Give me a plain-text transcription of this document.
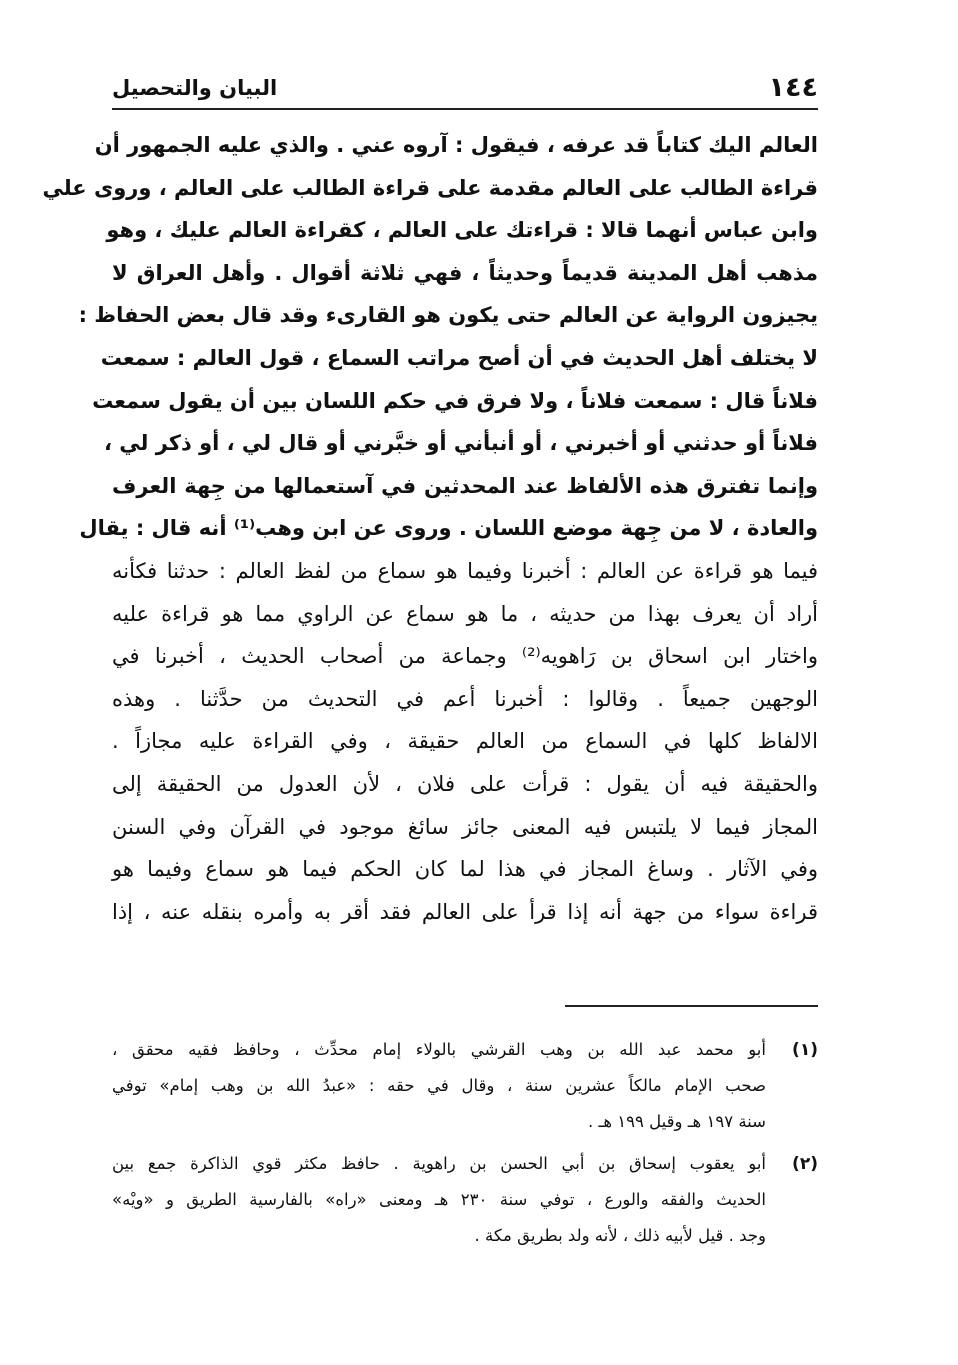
١٤٤
البيان والتحصيل
العالم اليك كتاباً قد عرفه ، فيقول : آروه عني . والذي عليه الجمهور أن
قراءة الطالب على العالم مقدمة على قراءة الطالب على العالم ، وروى علي
وابن عباس أنهما قالا : قراءتك على العالم ، كقراءة العالم عليك ، وهو
مذهب أهل المدينة قديماً وحديثاً ، فهي ثلاثة أقوال . وأهل العراق لا
يجيزون الرواية عن العالم حتى يكون هو القارىء وقد قال بعض الحفاظ :
لا يختلف أهل الحديث في أن أصح مراتب السماع ، قول العالم : سمعت
فلاناً قال : سمعت فلاناً ، ولا فرق في حكم اللسان بين أن يقول سمعت
فلاناً أو حدثني أو أخبرني ، أو أنبأني أو خبَّرني أو قال لي ، أو ذكر لي ،
وإنما تفترق هذه الألفاظ عند المحدثين في آستعمالها من جِهة العرف
والعادة ، لا من جِهة موضع اللسان . وروى عن ابن وهب⁽¹⁾ أنه قال : يقال
فيما هو قراءة عن العالم : أخبرنا وفيما هو سماع من لفظ العالم : حدثنا فكأنه
أراد أن يعرف بهذا من حديثه ، ما هو سماع عن الراوي مما هو قراءة عليه
واختار ابن اسحاق بن رَاهويه⁽²⁾ وجماعة من أصحاب الحديث ، أخبرنا في
الوجهين جميعاً . وقالوا : أخبرنا أعم في التحديث من حدَّثنا . وهذه
الالفاظ كلها في السماع من العالم حقيقة ، وفي القراءة عليه مجازاً .
والحقيقة فيه أن يقول : قرأت على فلان ، لأن العدول من الحقيقة إلى
المجاز فيما لا يلتبس فيه المعنى جائز سائغ موجود في القرآن وفي السنن
وفي الآثار . وساغ المجاز في هذا لما كان الحكم فيما هو سماع وفيما هو
قراءة سواء من جهة أنه إذا قرأ على العالم فقد أقر به وأمره بنقله عنه ، إذا
(١)
أبو محمد عبد الله بن وهب القرشي بالولاء إمام محدِّث ، وحافظ فقيه محقق ،
صحب الإمام مالكاً عشرين سنة ، وقال في حقه : «عبدُ الله بن وهب إمام» توفي
سنة ١٩٧ هـ وقيل ١٩٩ هـ .
(٢)
أبو يعقوب إسحاق بن أبي الحسن بن راهوية . حافظ مكثر قوي الذاكرة جمع بين
الحديث والفقه والورع ، توفي سنة ٢٣٠ هـ ومعنى «راه» بالفارسية الطريق و «ويْه»
وجد . قيل لأبيه ذلك ، لأنه ولد بطريق مكة .
